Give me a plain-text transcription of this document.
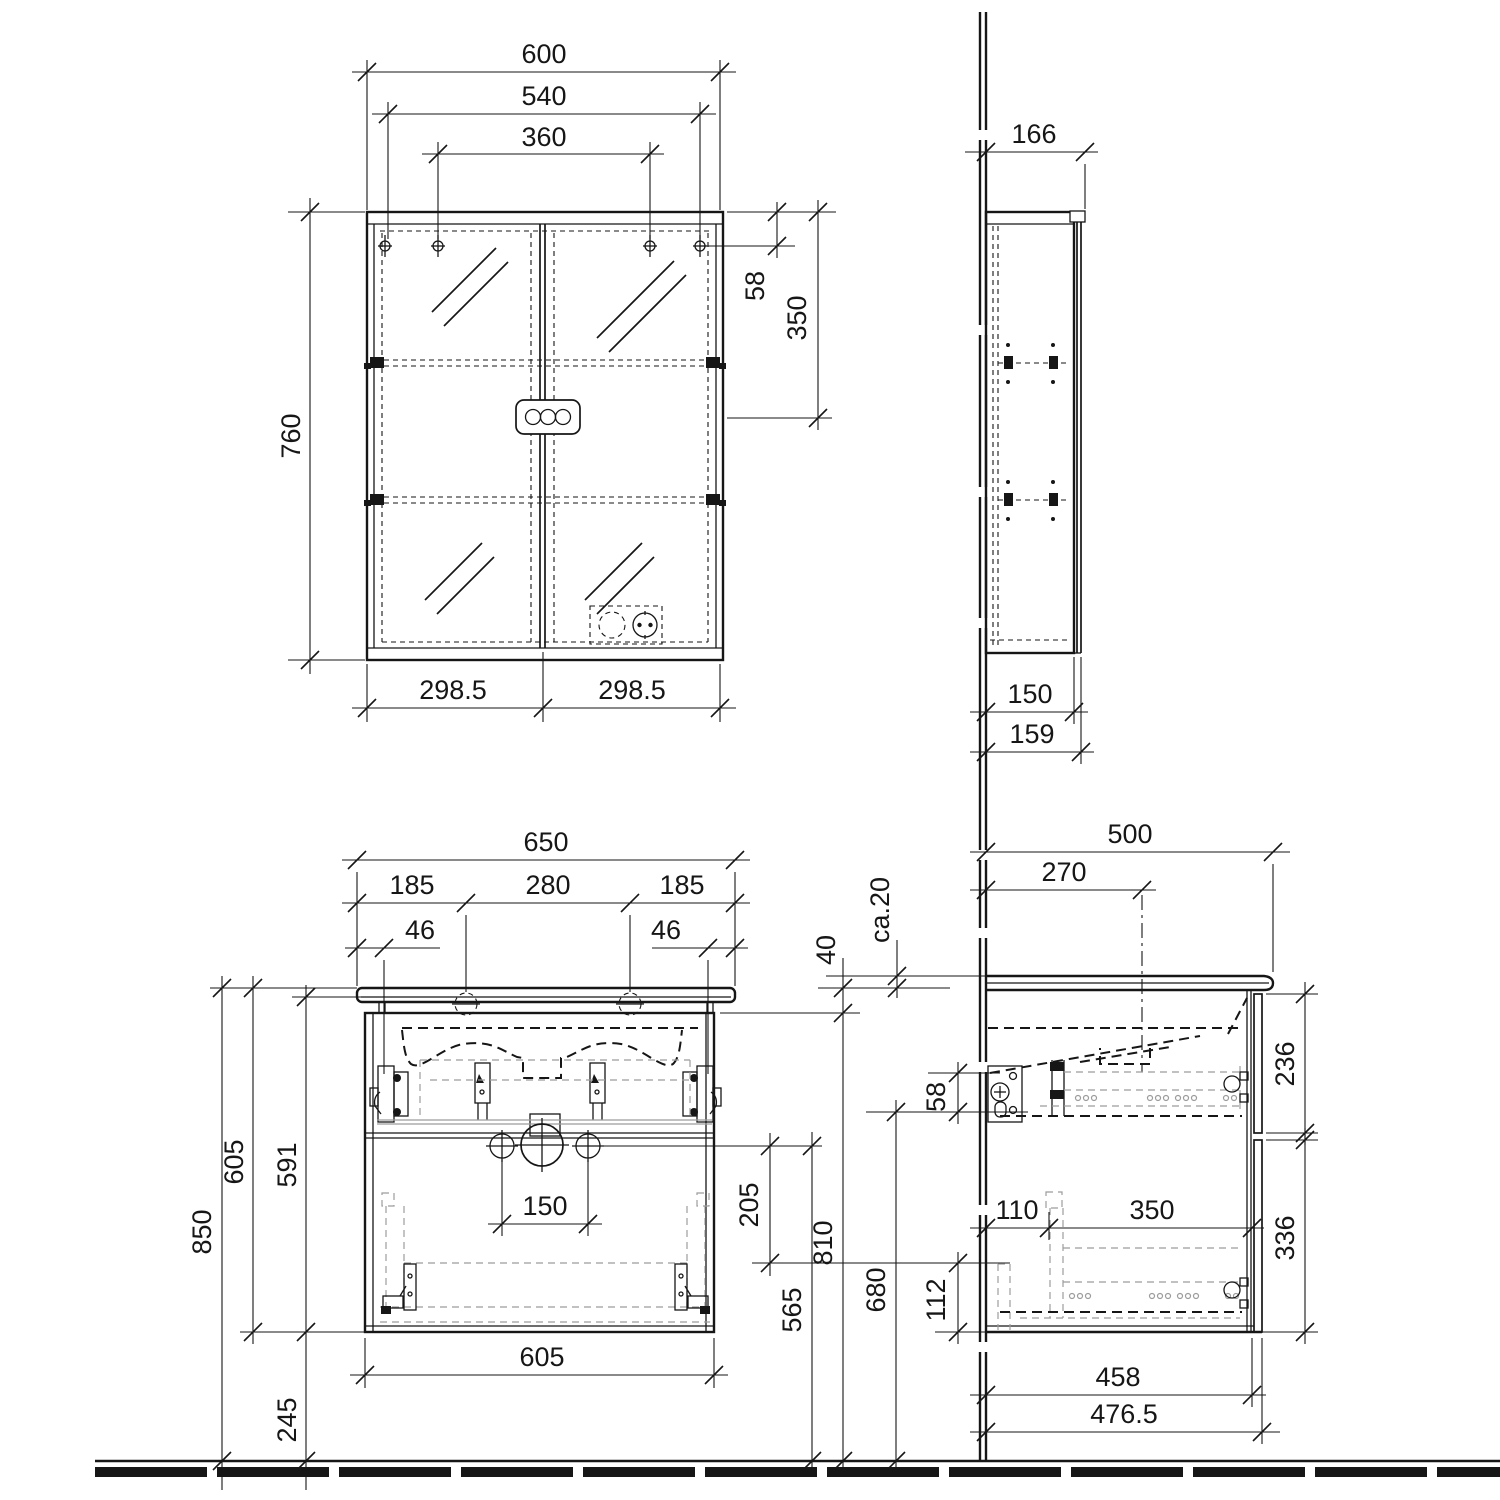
600
540
360
760
58
350
298.5	298.5
166
150
159
650
185	280	185
46	46
40
ca.20
850
605 591
245
150	205
565
810
680
58
112
605
500
270
236
336
110	350
458
476.5
